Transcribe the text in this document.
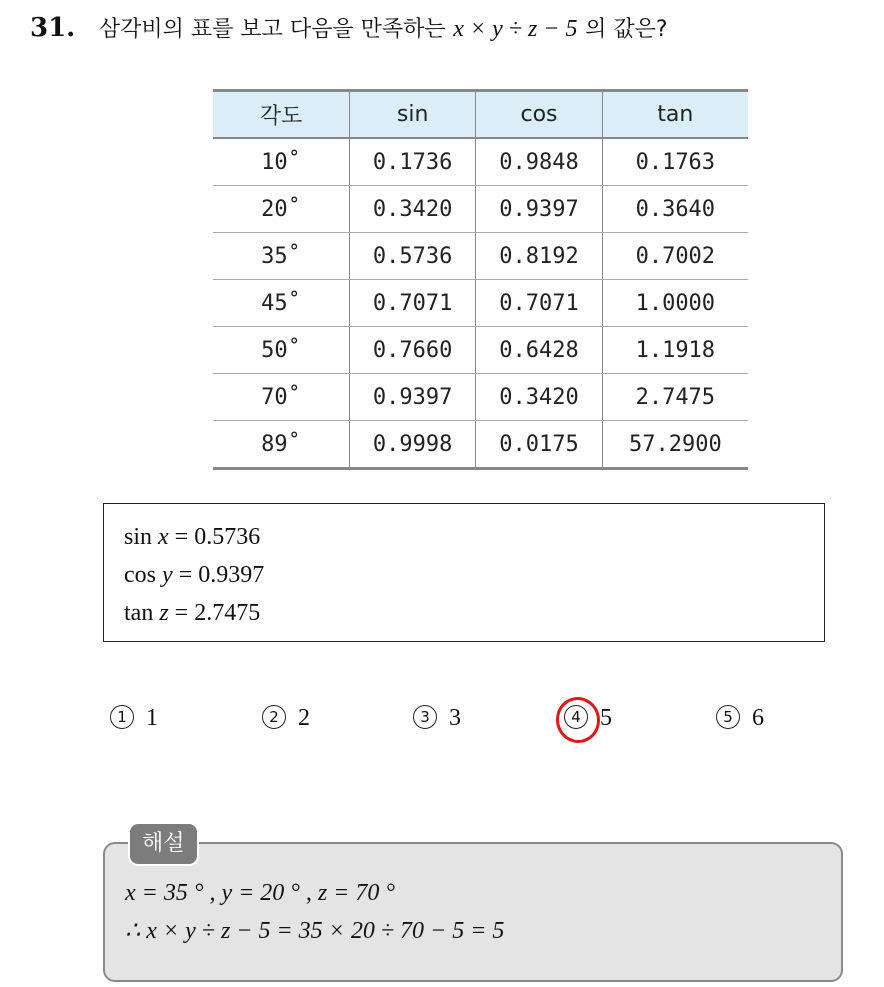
31. 삼각비의 표를 보고 다음을 만족하는 x × y ÷ z − 5 의 값은?
각도	sin	cos	tan
10˚	0.1736	0.9848	0.1763
20˚	0.3420	0.9397	0.3640
35˚	0.5736	0.8192	0.7002
45˚	0.7071	0.7071	1.0000
50˚	0.7660	0.6428	1.1918
70˚	0.9397	0.3420	2.7475
89˚	0.9998	0.0175	57.2900
sin x = 0.5736
cos y = 0.9397
tan z = 2.7475
1 1	2 2	3 3	4 5	5 6
x = 35 ° , y = 20 ° , z = 70 °
∴ x × y ÷ z − 5 = 35 × 20 ÷ 70 − 5 = 5
해설
